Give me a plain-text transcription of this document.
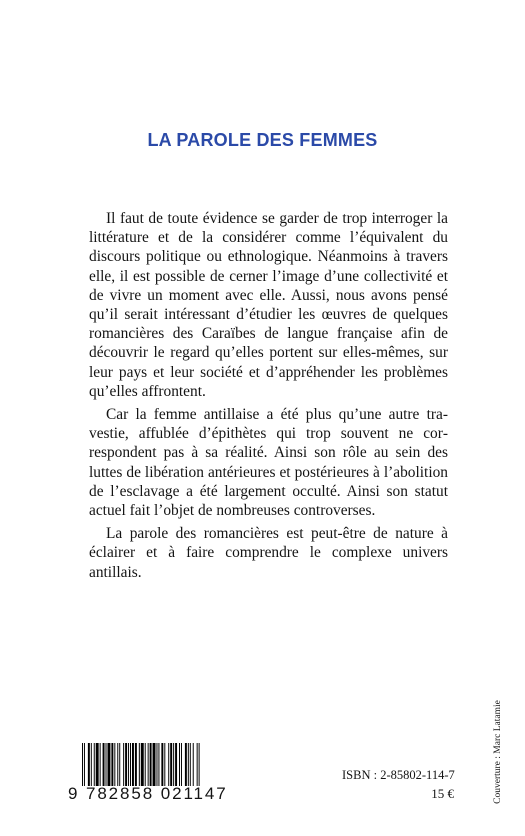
LA PAROLE DES FEMMES

Il faut de toute évidence se garder de trop interroger la littérature et de la considérer comme l’équivalent du discours politique ou ethnologique. Néanmoins à travers elle, il est possible de cerner l’image d’une collectivité et de vivre un moment avec elle. Aussi, nous avons pensé qu’il serait intéressant d’étudier les œuvres de quelques romancières des Caraïbes de langue française afin de découvrir le regard qu’elles portent sur elles-mêmes, sur leur pays et leur société et d’appréhender les problèmes qu’elles affrontent.

Car la femme antillaise a été plus qu’une autre travestie, affublée d’épithètes qui trop souvent ne correspondent pas à sa réalité. Ainsi son rôle au sein des luttes de libération antérieures et postérieures à l’abolition de l’esclavage a été largement occulté. Ainsi son statut actuel fait l’objet de nombreuses controverses.

La parole des romancières est peut-être de nature à éclairer et à faire comprendre le complexe univers antillais.

9 782858 021147
ISBN : 2-85802-114-7
15 €	Couverture : Marc Latamie
